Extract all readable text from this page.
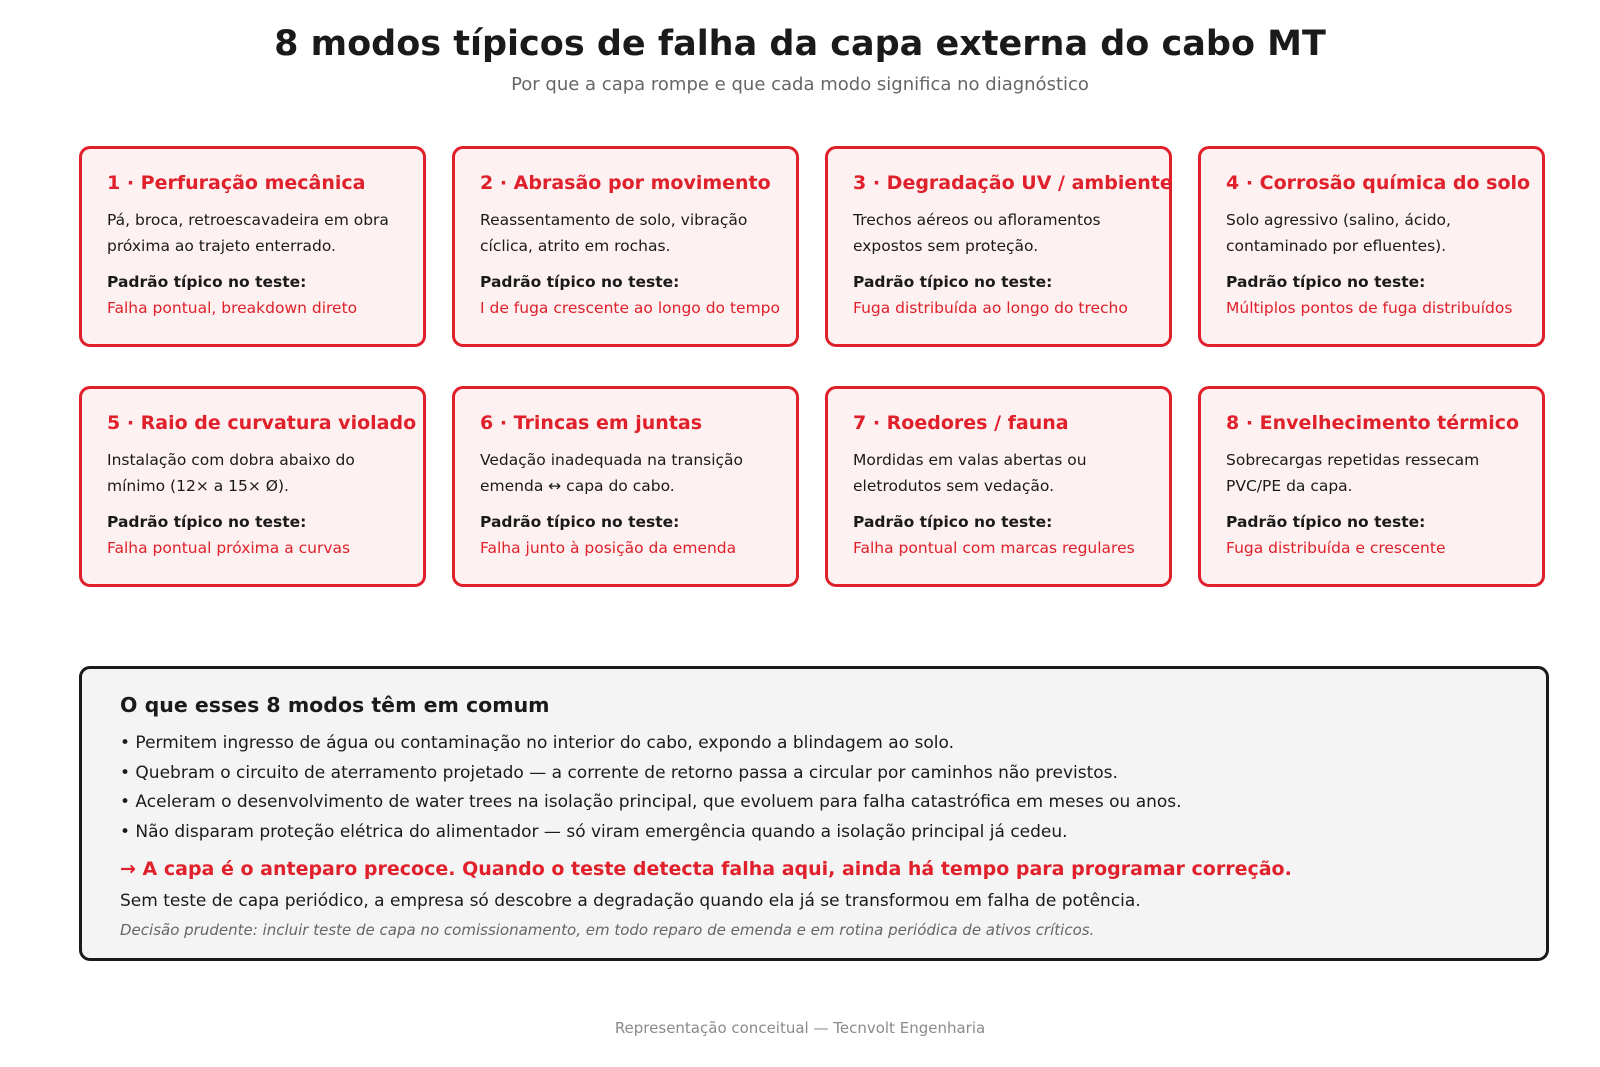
8 modos típicos de falha da capa externa do cabo MT
Por que a capa rompe e que cada modo significa no diagnóstico
1 · Perfuração mecânica
Pá, broca, retroescavadeira em obra
próxima ao trajeto enterrado.
Padrão típico no teste:
Falha pontual, breakdown direto
2 · Abrasão por movimento
Reassentamento de solo, vibração
cíclica, atrito em rochas.
Padrão típico no teste:
I de fuga crescente ao longo do tempo
3 · Degradação UV / ambiente
Trechos aéreos ou afloramentos
expostos sem proteção.
Padrão típico no teste:
Fuga distribuída ao longo do trecho
4 · Corrosão química do solo
Solo agressivo (salino, ácido,
contaminado por efluentes).
Padrão típico no teste:
Múltiplos pontos de fuga distribuídos
5 · Raio de curvatura violado
Instalação com dobra abaixo do
mínimo (12× a 15× Ø).
Padrão típico no teste:
Falha pontual próxima a curvas
6 · Trincas em juntas
Vedação inadequada na transição
emenda ↔ capa do cabo.
Padrão típico no teste:
Falha junto à posição da emenda
7 · Roedores / fauna
Mordidas em valas abertas ou
eletrodutos sem vedação.
Padrão típico no teste:
Falha pontual com marcas regulares
8 · Envelhecimento térmico
Sobrecargas repetidas ressecam
PVC/PE da capa.
Padrão típico no teste:
Fuga distribuída e crescente
O que esses 8 modos têm em comum
• Permitem ingresso de água ou contaminação no interior do cabo, expondo a blindagem ao solo.
• Quebram o circuito de aterramento projetado — a corrente de retorno passa a circular por caminhos não previstos.
• Aceleram o desenvolvimento de water trees na isolação principal, que evoluem para falha catastrófica em meses ou anos.
• Não disparam proteção elétrica do alimentador — só viram emergência quando a isolação principal já cedeu.
→ A capa é o anteparo precoce. Quando o teste detecta falha aqui, ainda há tempo para programar correção.
Sem teste de capa periódico, a empresa só descobre a degradação quando ela já se transformou em falha de potência.
Decisão prudente: incluir teste de capa no comissionamento, em todo reparo de emenda e em rotina periódica de ativos críticos.
Representação conceitual — Tecnvolt Engenharia
